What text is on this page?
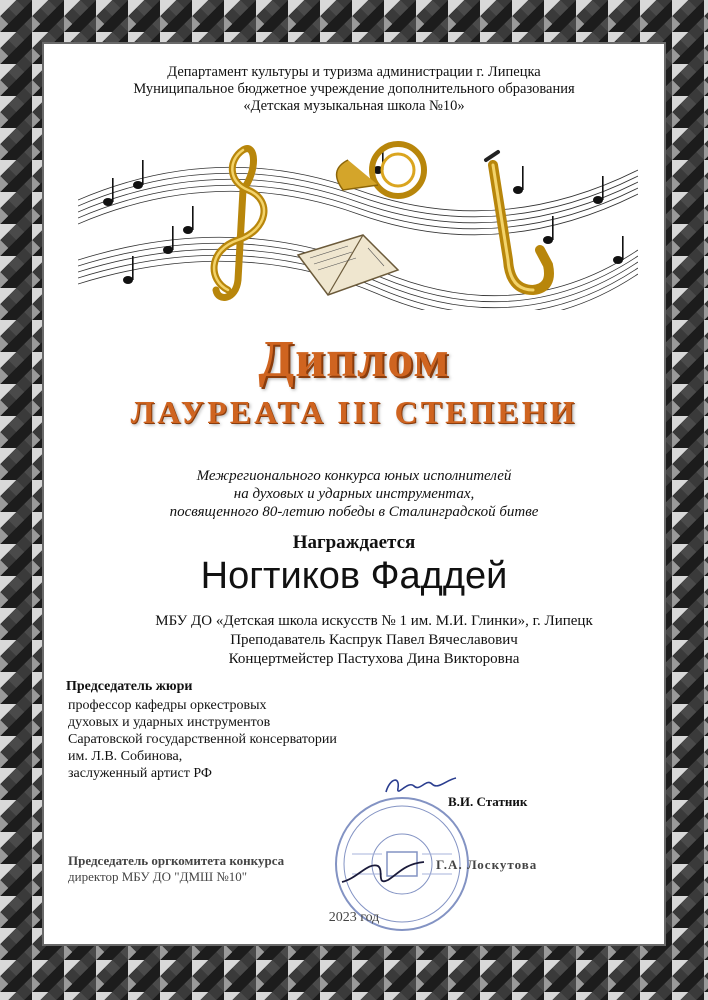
Департамент культуры и туризма администрации г. Липецка
Муниципальное бюджетное учреждение дополнительного образования
«Детская музыкальная школа №10»
Диплом
ЛАУРЕАТА III СТЕПЕНИ
Межрегионального конкурса юных исполнителей
на духовых и ударных инструментах,
посвященного 80-летию победы в Сталинградской битве
Награждается
Ногтиков Фаддей
МБУ ДО «Детская школа искусств № 1 им. М.И. Глинки», г. Липецк
Преподаватель Каспрук Павел Вячеславович
Концертмейстер Пастухова Дина Викторовна
Председатель жюри
профессор кафедры оркестровых
духовых и ударных инструментов
Саратовской государственной консерватории
им. Л.В. Собинова,
заслуженный артист РФ
В.И. Статник
Председатель оргкомитета конкурса
директор МБУ ДО "ДМШ №10"
Г.А. Лоскутова
2023 год
